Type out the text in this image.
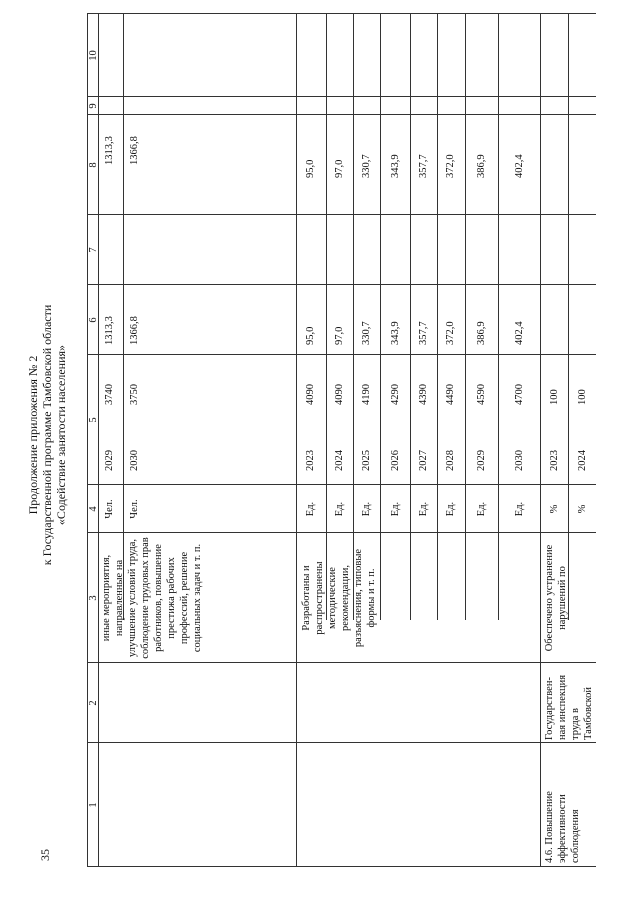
35
Продолжение приложения № 2 к Государственной программе Тамбовской области «Содействие занятости населения»
1
2
3
4
5
6
7
8
9
10
иные мероприятия, направленные на улучшение условий труда, соблюдение трудовых прав работников, повышение престижа рабочих профессий, решение социальных задач и т. п.
Чел.
2029
3740
1313,3
1313,3
Чел.
2030
3750
1366,8
1366,8
Разработаны и распространены методические рекомендации, разъяснения, типовые формы и т. п.
Ед.
2023
4090
95,0
95,0
Ед.
2024
4090
97,0
97,0
Ед.
2025
4190
330,7
330,7
Ед.
2026
4290
343,9
343,9
Ед.
2027
4390
357,7
357,7
Ед.
2028
4490
372,0
372,0
Ед.
2029
4590
386,9
386,9
Ед.
2030
4700
402,4
402,4
4.6. Повышение эффективности соблюдения
Государствен-ная инспекция труда в Тамбовской
Обеспечено устранение нарушений по
%
2023
100
%
2024
100
